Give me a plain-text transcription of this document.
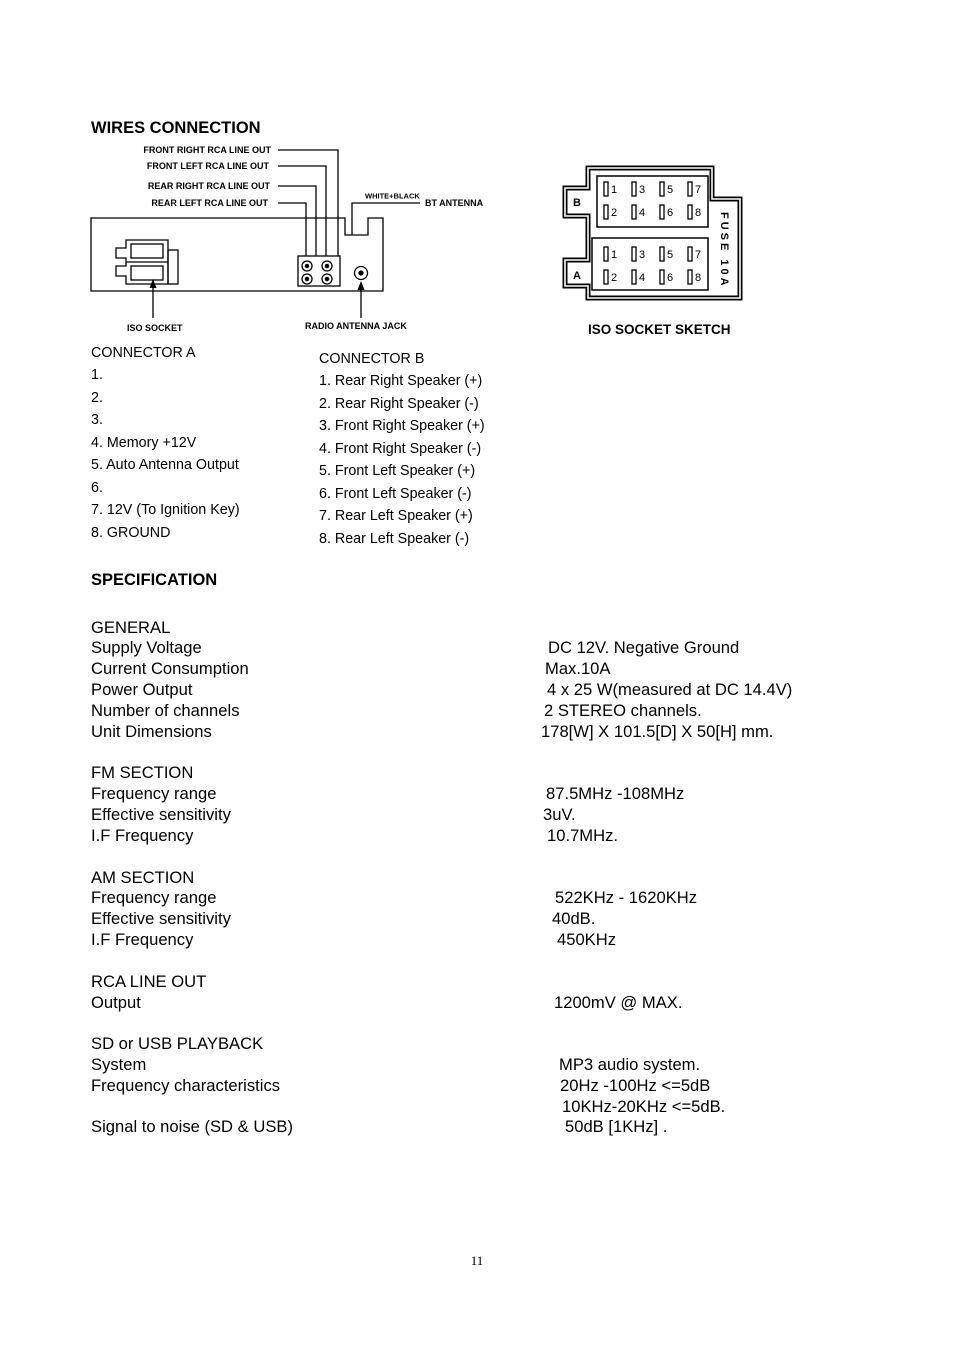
WIRES CONNECTION
FRONT RIGHT RCA LINE OUT
FRONT LEFT RCA LINE OUT
REAR RIGHT RCA LINE OUT
REAR LEFT RCA LINE OUT
WHITE+BLACK
BT ANTENNA
ISO SOCKET	RADIO ANTENNA JACK
B
A
1 3 5 7
2 4 6 8
1 3 5 7
2 4 6 8 FUSE 10A
ISO SOCKET SKETCH
CONNECTOR A
1.
2.
3.
4. Memory +12V
5. Auto Antenna Output
6.
7. 12V (To Ignition Key)
8. GROUND
CONNECTOR B
1. Rear Right Speaker (+)
2. Rear Right Speaker (-)
3. Front Right Speaker (+)
4. Front Right Speaker (-)
5. Front Left Speaker (+)
6. Front Left Speaker (-)
7. Rear Left Speaker (+)
8. Rear Left Speaker (-)
SPECIFICATION
GENERAL
Supply Voltage	DC 12V. Negative Ground
Current Consumption	Max.10A
Power Output	4 x 25 W(measured at DC 14.4V)
Number of channels	2 STEREO channels.
Unit Dimensions	178[W] X 101.5[D] X 50[H] mm.
FM SECTION
Frequency range	87.5MHz -108MHz
Effective sensitivity	3uV.
I.F Frequency	10.7MHz.
AM SECTION
Frequency range	522KHz - 1620KHz
Effective sensitivity	40dB.
I.F Frequency	450KHz
RCA LINE OUT
Output	1200mV @ MAX.
SD or USB PLAYBACK
System	MP3 audio system.
Frequency characteristics	20Hz -100Hz <=5dB
10KHz-20KHz <=5dB.
Signal to noise (SD & USB)	50dB [1KHz] .
11
